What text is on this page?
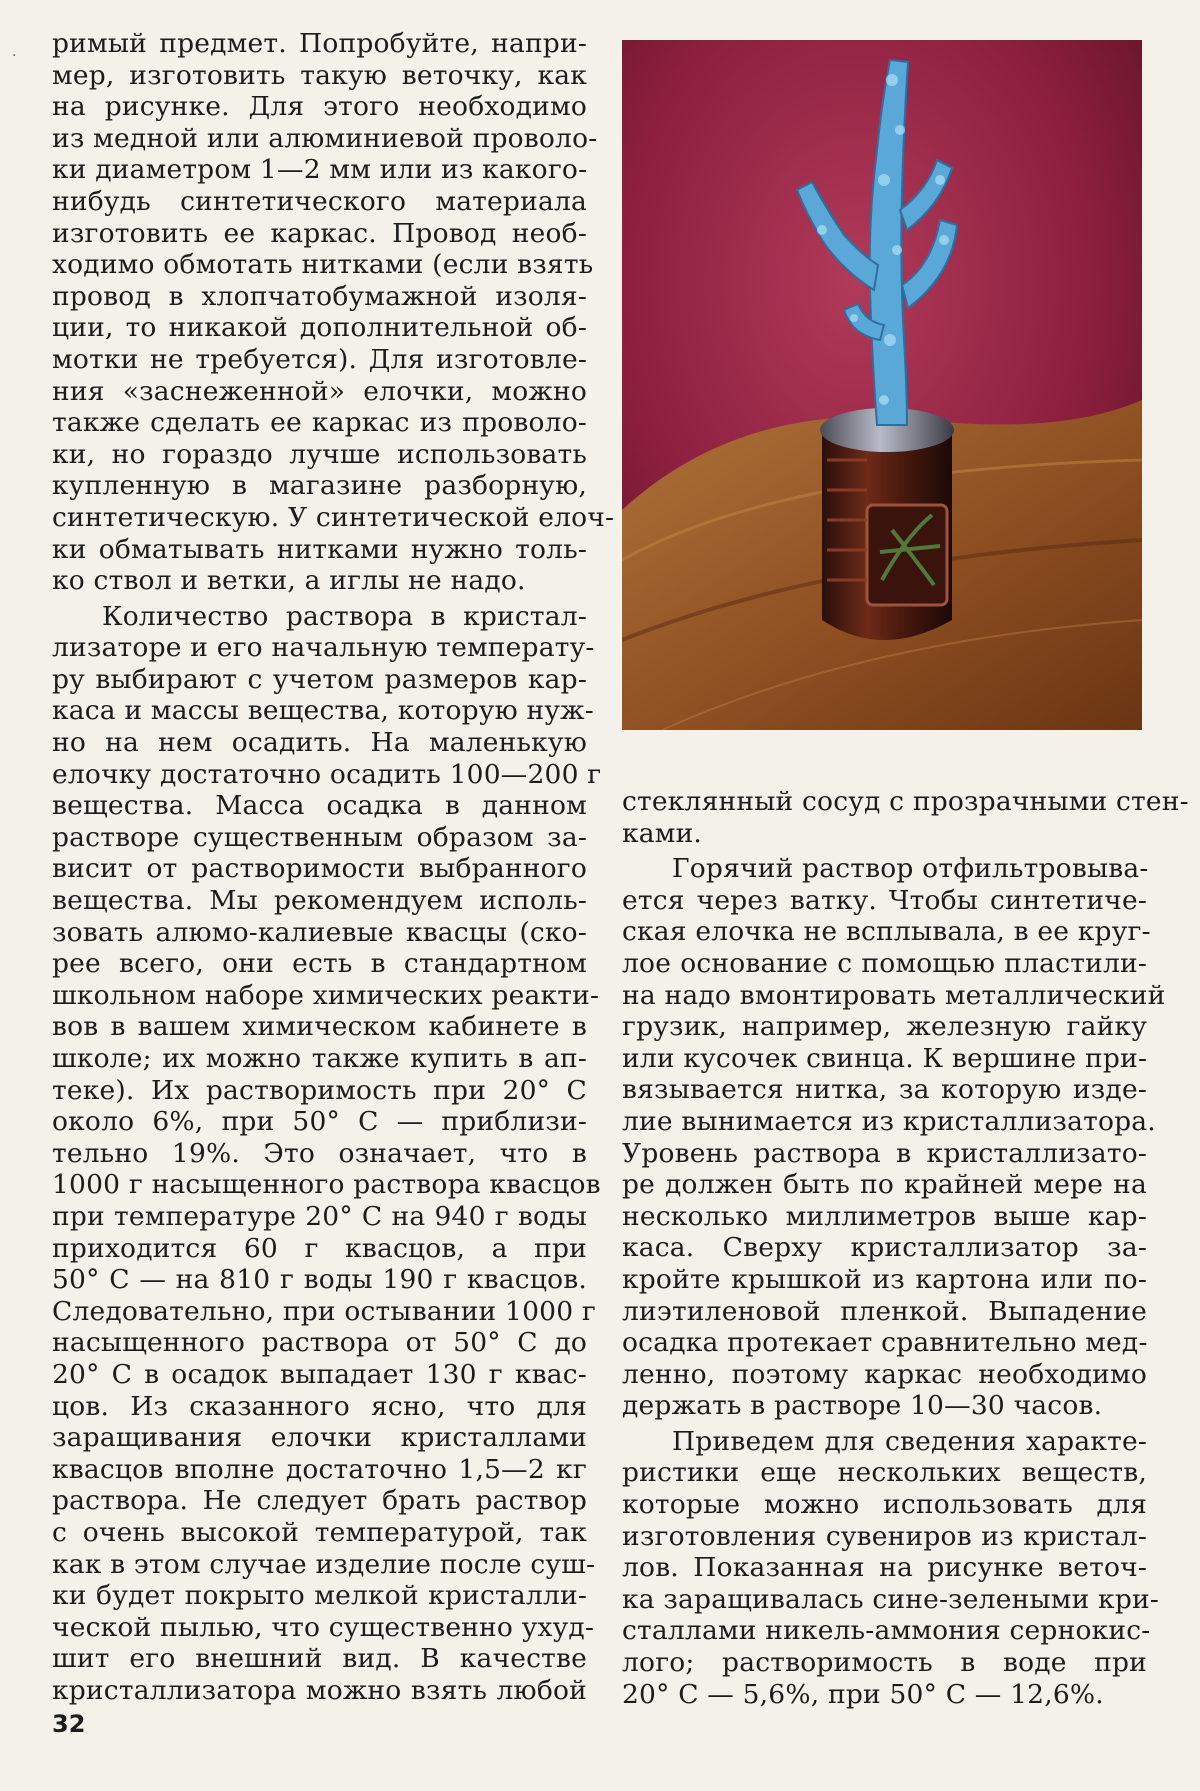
· римый предмет. Попробуйте, напри-
мер, изготовить такую веточку, как
на рисунке. Для этого необходимо
из медной или алюминиевой проволо-
ки диаметром 1—2 мм или из какого-
нибудь синтетического материала
изготовить ее каркас. Провод необ-
ходимо обмотать нитками (если взять
провод в хлопчатобумажной изоля-
ции, то никакой дополнительной об-
мотки не требуется). Для изготовле-
ния «заснеженной» елочки, можно
также сделать ее каркас из проволо-
ки, но гораздо лучше использовать
купленную в магазине разборную,
синтетическую. У синтетической елоч-
ки обматывать нитками нужно толь-
ко ствол и ветки, а иглы не надо.
Количество раствора в кристал-
лизаторе и его начальную температу-
ру выбирают с учетом размеров кар-
каса и массы вещества, которую нуж-
но на нем осадить. На маленькую
елочку достаточно осадить 100—200 г
вещества. Масса осадка в данном
растворе существенным образом за-
висит от растворимости выбранного
вещества. Мы рекомендуем исполь-
зовать алюмо-калиевые квасцы (ско-
рее всего, они есть в стандартном
школьном наборе химических реакти-
вов в вашем химическом кабинете в
школе; их можно также купить в ап-
теке). Их растворимость при 20° С
около 6%, при 50° С — приблизи-
тельно 19%. Это означает, что в
1000 г насыщенного раствора квасцов
при температуре 20° С на 940 г воды
приходится 60 г квасцов, а при
50° С — на 810 г воды 190 г квасцов.
Следовательно, при остывании 1000 г
насыщенного раствора от 50° С до
20° С в осадок выпадает 130 г квас-
цов. Из сказанного ясно, что для
заращивания елочки кристаллами
квасцов вполне достаточно 1,5—2 кг
раствора. Не следует брать раствор
с очень высокой температурой, так
как в этом случае изделие после суш-
ки будет покрыто мелкой кристалли-
ческой пылью, что существенно ухуд-
шит его внешний вид. В качестве
кристаллизатора можно взять любой
стеклянный сосуд с прозрачными стен-
ками.
Горячий раствор отфильтровыва-
ется через ватку. Чтобы синтетиче-
ская елочка не всплывала, в ее круг-
лое основание с помощью пластили-
на надо вмонтировать металлический
грузик, например, железную гайку
или кусочек свинца. К вершине при-
вязывается нитка, за которую изде-
лие вынимается из кристаллизатора.
Уровень раствора в кристаллизато-
ре должен быть по крайней мере на
несколько миллиметров выше кар-
каса. Сверху кристаллизатор за-
кройте крышкой из картона или по-
лиэтиленовой пленкой. Выпадение
осадка протекает сравнительно мед-
ленно, поэтому каркас необходимо
держать в растворе 10—30 часов.
Приведем для сведения характе-
ристики еще нескольких веществ,
которые можно использовать для
изготовления сувениров из кристал-
лов. Показанная на рисунке веточ-
ка заращивалась сине-зелеными кри-
сталлами никель-аммония сернокис-
лого; растворимость в воде при
20° С — 5,6%, при 50° С — 12,6%.
32
